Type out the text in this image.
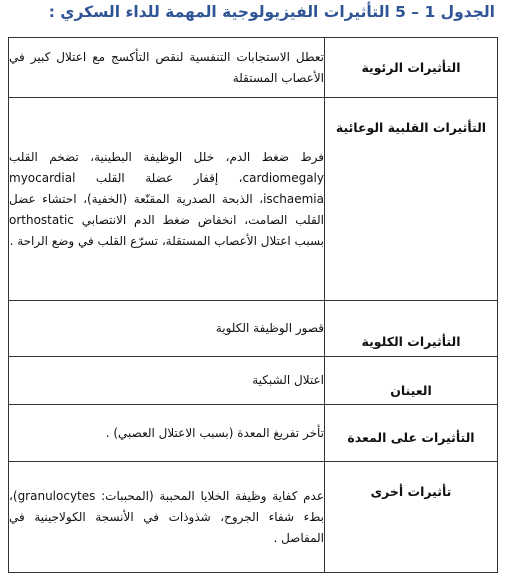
الجدول 1 – 5 التأثيرات الفيزيولوجية المهمة للداء السكري :
التأثيرات الرئوية	تعطل الاستجابات التنفسية لنقص التأكسج مع اعتلال كبير في الأعصاب المستقلة

التأثيرات القلبية الوعائية	فرط ضغط الدم، خلل الوظيفة البطينية، تضخم القلب cardiomegaly، إقفار عضلة القلب myocardial ischaemia، الذبحة الصدرية المقنّعة (الخفية)، احتشاء عضل القلب الصامت، انخفاض ضغط الدم الانتصابي orthostatic بسبب اعتلال الأعصاب المستقلة، تسرّع القلب في وضع الراحة .

التأثيرات الكلوية	قصور الوظيفة الكلوية

العينان	اعتلال الشبكية

التأثيرات على المعدة	تأخر تفريغ المعدة (بسبب الاعتلال العصبي) .

تأثيرات أخرى	عدم كفاية وظيفة الخلايا المحببة (المحببات: granulocytes)، بطء شفاء الجروح، شذوذات في الأنسجة الكولاجينية في المفاصل .
